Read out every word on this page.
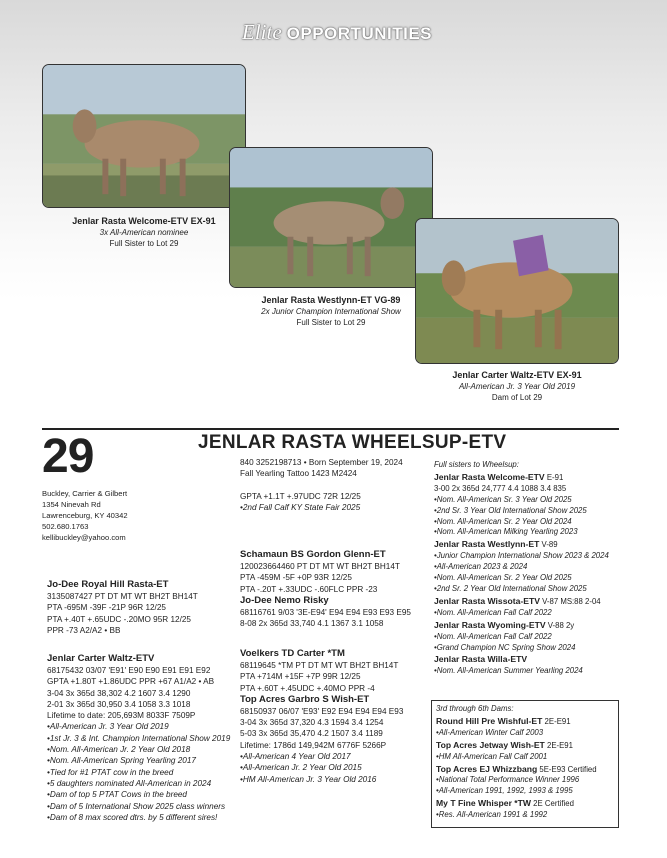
Elite OPPORTUNITIES
Jenlar Rasta Welcome-ETV EX-91
3x All-American nominee
Full Sister to Lot 29
Jenlar Rasta Westlynn-ET VG-89
2x Junior Champion International Show
Full Sister to Lot 29
Jenlar Carter Waltz-ETV EX-91
All-American Jr. 3 Year Old 2019
Dam of Lot 29
29	JENLAR RASTA WHEELSUP-ETV
Buckley, Carrier & Gilbert
1354 Ninevah Rd
Lawrenceburg, KY 40342
502.680.1763
kellibuckley@yahoo.com
840 3252198713 • Born September 19, 2024
Fall Yearling Tattoo 1423 M2424

GPTA +1.1T +.97UDC 72R 12/25
•2nd Fall Calf KY State Fair 2025
Schamaun BS Gordon Glenn-ET
120023664460 PT DT MT WT BH2T BH14T
PTA -459M -5F +0P 93R 12/25
PTA -.20T +.33UDC -.60FLC PPR -23
Jo-Dee Nemo Risky
68116761 9/03 '3E-E94' E94 E94 E93 E93 E95
8-08 2x 365d 33,740 4.1 1367 3.1 1058
Voelkers TD Carter *TM
68119645 *TM PT DT MT WT BH2T BH14T
PTA +714M +15F +7P 99R 12/25
PTA +.60T +.45UDC +.40MO PPR -4
Top Acres Garbro S Wish-ET
68150937 06/07 'E93' E92 E94 E94 E94 E93
3-04 3x 365d 37,320 4.3 1594 3.4 1254
5-03 3x 365d 35,470 4.2 1507 3.4 1189
Lifetime: 1786d 149,942M 6776F 5266P
•All-American 4 Year Old 2017
•All-American Jr. 2 Year Old 2015
•HM All-American Jr. 3 Year Old 2016
Jo-Dee Royal Hill Rasta-ET
3135087427 PT DT MT WT BH2T BH14T
PTA -695M -39F -21P 96R 12/25
PTA +.40T +.65UDC -.20MO 95R 12/25
PPR -73 A2/A2 • BB
Jenlar Carter Waltz-ETV
68175432 03/07 'E91' E90 E90 E91 E91 E92
GPTA +1.80T +1.86UDC PPR +67 A1/A2 • AB
3-04 3x 365d 38,302 4.2 1607 3.4 1290
2-01 3x 365d 30,950 3.4 1058 3.3 1018
Lifetime to date: 205,693M 8033F 7509P
•All-American Jr. 3 Year Old 2019
•1st Jr. 3 & Int. Champion International Show 2019
•Nom. All-American Jr. 2 Year Old 2018
•Nom. All-American Spring Yearling 2017
•Tied for #1 PTAT cow in the breed
•5 daughters nominated All-American in 2024
•Dam of top 5 PTAT Cows in the breed
•Dam of 5 International Show 2025 class winners
•Dam of 8 max scored dtrs. by 5 different sires!
Full sisters to Wheelsup:
Jenlar Rasta Welcome-ETV E-91
3-00 2x 365d 24,777 4.4 1088 3.4 835
•Nom. All-American Sr. 3 Year Old 2025
•2nd Sr. 3 Year Old International Show 2025
•Nom. All-American Sr. 2 Year Old 2024
•Nom. All-American Milking Yearling 2023
Jenlar Rasta Westlynn-ET V-89
•Junior Champion International Show 2023 & 2024
•All-American 2023 & 2024
•Nom. All-American Sr. 2 Year Old 2025
•2nd Sr. 2 Year Old International Show 2025
Jenlar Rasta Wissota-ETV V-87 MS:88 2-04
•Nom. All-American Fall Calf 2022
Jenlar Rasta Wyoming-ETV V-88 2y
•Nom. All-American Fall Calf 2022
•Grand Champion NC Spring Show 2024
Jenlar Rasta Willa-ETV
•Nom. All-American Summer Yearling 2024
3rd through 6th Dams:
Round Hill Pre Wishful-ET 2E-E91
•All-American Winter Calf 2003
Top Acres Jetway Wish-ET 2E-E91
•HM All-American Fall Calf 2001
Top Acres EJ Whizzbang 5E-E93 Certified
•National Total Performance Winner 1996
•All-American 1991, 1992, 1993 & 1995
My T Fine Whisper *TW 2E Certified
•Res. All-American 1991 & 1992
